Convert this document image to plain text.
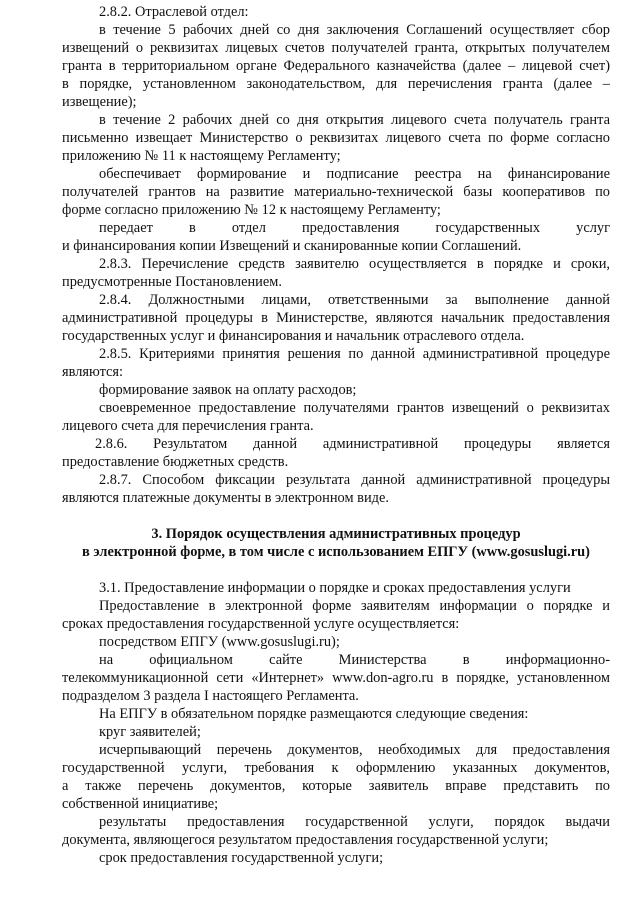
2.8.2. Отраслевой отдел:
в течение 5 рабочих дней со дня заключения Соглашений осуществляет сбор
извещений о реквизитах лицевых счетов получателей гранта, открытых получателем
гранта в территориальном органе Федерального казначейства (далее – лицевой счет)
в порядке, установленном законодательством, для перечисления гранта (далее –
извещение);
в течение 2 рабочих дней со дня открытия лицевого счета получатель гранта
письменно извещает Министерство о реквизитах лицевого счета по форме согласно
приложению № 11 к настоящему Регламенту;
обеспечивает формирование и подписание реестра на финансирование
получателей грантов на развитие материально-технической базы кооперативов по
форме согласно приложению № 12 к настоящему Регламенту;
передает в отдел предоставления государственных услуг
и финансирования копии Извещений и сканированные копии Соглашений.
2.8.3. Перечисление средств заявителю осуществляется в порядке и сроки,
предусмотренные Постановлением.
2.8.4. Должностными лицами, ответственными за выполнение данной
административной процедуры в Министерстве, являются начальник предоставления
государственных услуг и финансирования и начальник отраслевого отдела.
2.8.5. Критериями принятия решения по данной административной процедуре
являются:
формирование заявок на оплату расходов;
своевременное предоставление получателями грантов извещений о реквизитах
лицевого счета для перечисления гранта.
2.8.6. Результатом данной административной процедуры является
предоставление бюджетных средств.
2.8.7. Способом фиксации результата данной административной процедуры
являются платежные документы в электронном виде.
3. Порядок осуществления административных процедур
в электронной форме, в том числе с использованием ЕПГУ (www.gosuslugi.ru)
3.1. Предоставление информации о порядке и сроках предоставления услуги
Предоставление в электронной форме заявителям информации о порядке и
сроках предоставления государственной услуге осуществляется:
посредством ЕПГУ (www.gosuslugi.ru);
на официальном сайте Министерства в информационно-
телекоммуникационной сети «Интернет» www.don-agro.ru в порядке, установленном
подразделом 3 раздела I настоящего Регламента.
На ЕПГУ в обязательном порядке размещаются следующие сведения:
круг заявителей;
исчерпывающий перечень документов, необходимых для предоставления
государственной услуги, требования к оформлению указанных документов,
а также перечень документов, которые заявитель вправе представить по
собственной инициативе;
результаты предоставления государственной услуги, порядок выдачи
документа, являющегося результатом предоставления государственной услуги;
срок предоставления государственной услуги;
